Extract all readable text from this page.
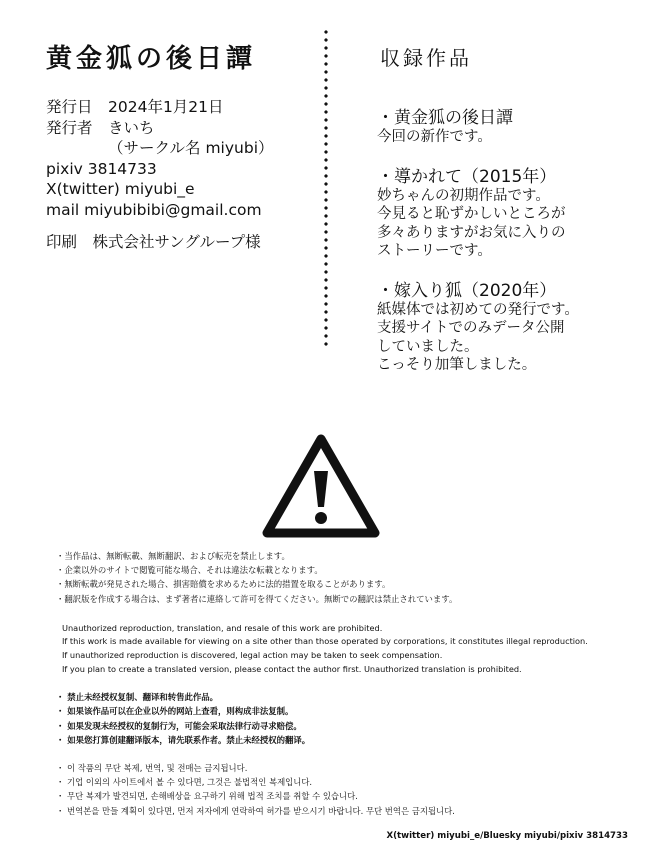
黄金狐の後日譚
発行日　2024年1月21日
発行者　きいち
（サークル名 miyubi）
pixiv 3814733
X(twitter) miyubi_e
mail miyubibibi@gmail.com
印刷　株式会社サングループ様
収録作品
・黄金狐の後日譚
今回の新作です。
・導かれて（2015年）
妙ちゃんの初期作品です。
今見ると恥ずかしいところが
多々ありますがお気に入りの
ストーリーです。
・嫁入り狐（2020年）
紙媒体では初めての発行です。
支援サイトでのみデータ公開
していました。
こっそり加筆しました。
・当作品は、無断転載、無断翻訳、および転売を禁止します。
・企業以外のサイトで閲覧可能な場合、それは違法な転載となります。
・無断転載が発見された場合、損害賠償を求めるために法的措置を取ることがあります。
・翻訳版を作成する場合は、まず著者に連絡して許可を得てください。無断での翻訳は禁止されています。
Unauthorized reproduction, translation, and resale of this work are prohibited.
If this work is made available for viewing on a site other than those operated by corporations, it constitutes illegal reproduction.
If unauthorized reproduction is discovered, legal action may be taken to seek compensation.
If you plan to create a translated version, please contact the author first. Unauthorized translation is prohibited.
・ 禁止未经授权复制、翻译和转售此作品。
・ 如果该作品可以在企业以外的网站上查看，则构成非法复制。
・ 如果发现未经授权的复制行为，可能会采取法律行动寻求赔偿。
・ 如果您打算创建翻译版本，请先联系作者。禁止未经授权的翻译。
・ 이 작품의 무단 복제, 번역, 및 전매는 금지됩니다.
・ 기업 이외의 사이트에서 볼 수 있다면, 그것은 불법적인 복제입니다.
・ 무단 복제가 발견되면, 손해배상을 요구하기 위해 법적 조치를 취할 수 있습니다.
・ 번역본을 만들 계획이 있다면, 먼저 저자에게 연락하여 허가를 받으시기 바랍니다. 무단 번역은 금지됩니다.
X(twitter) miyubi_e/Bluesky miyubi/pixiv 3814733
